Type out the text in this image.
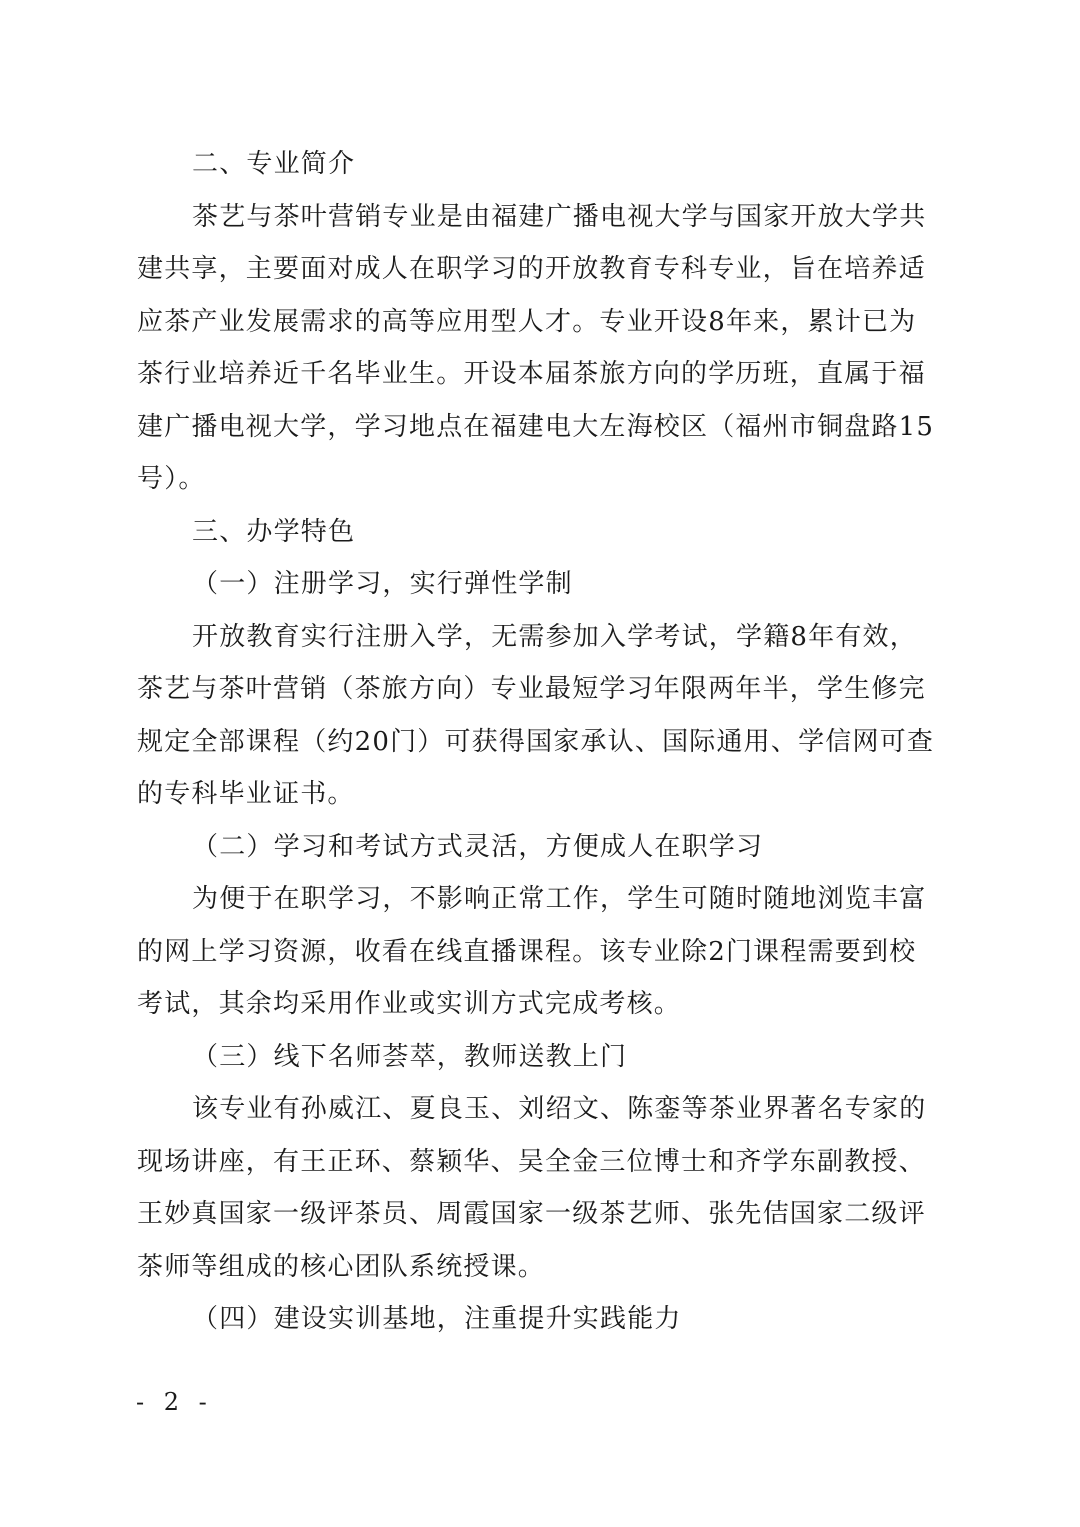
二、专业简介
茶艺与茶叶营销专业是由福建广播电视大学与国家开放大学共
建共享，主要面对成人在职学习的开放教育专科专业，旨在培养适
应茶产业发展需求的高等应用型人才。专业开设8年来，累计已为
茶行业培养近千名毕业生。开设本届茶旅方向的学历班，直属于福
建广播电视大学，学习地点在福建电大左海校区（福州市铜盘路15
号）。
三、办学特色
（一）注册学习，实行弹性学制
开放教育实行注册入学，无需参加入学考试，学籍8年有效，
茶艺与茶叶营销（茶旅方向）专业最短学习年限两年半，学生修完
规定全部课程（约20门）可获得国家承认、国际通用、学信网可查
的专科毕业证书。
（二）学习和考试方式灵活，方便成人在职学习
为便于在职学习，不影响正常工作，学生可随时随地浏览丰富
的网上学习资源，收看在线直播课程。该专业除2门课程需要到校
考试，其余均采用作业或实训方式完成考核。
（三）线下名师荟萃，教师送教上门
该专业有孙威江、夏良玉、刘绍文、陈銮等茶业界著名专家的
现场讲座，有王正环、蔡颖华、吴全金三位博士和齐学东副教授、
王妙真国家一级评茶员、周霞国家一级茶艺师、张先佶国家二级评
茶师等组成的核心团队系统授课。
（四）建设实训基地，注重提升实践能力
- 2 -
